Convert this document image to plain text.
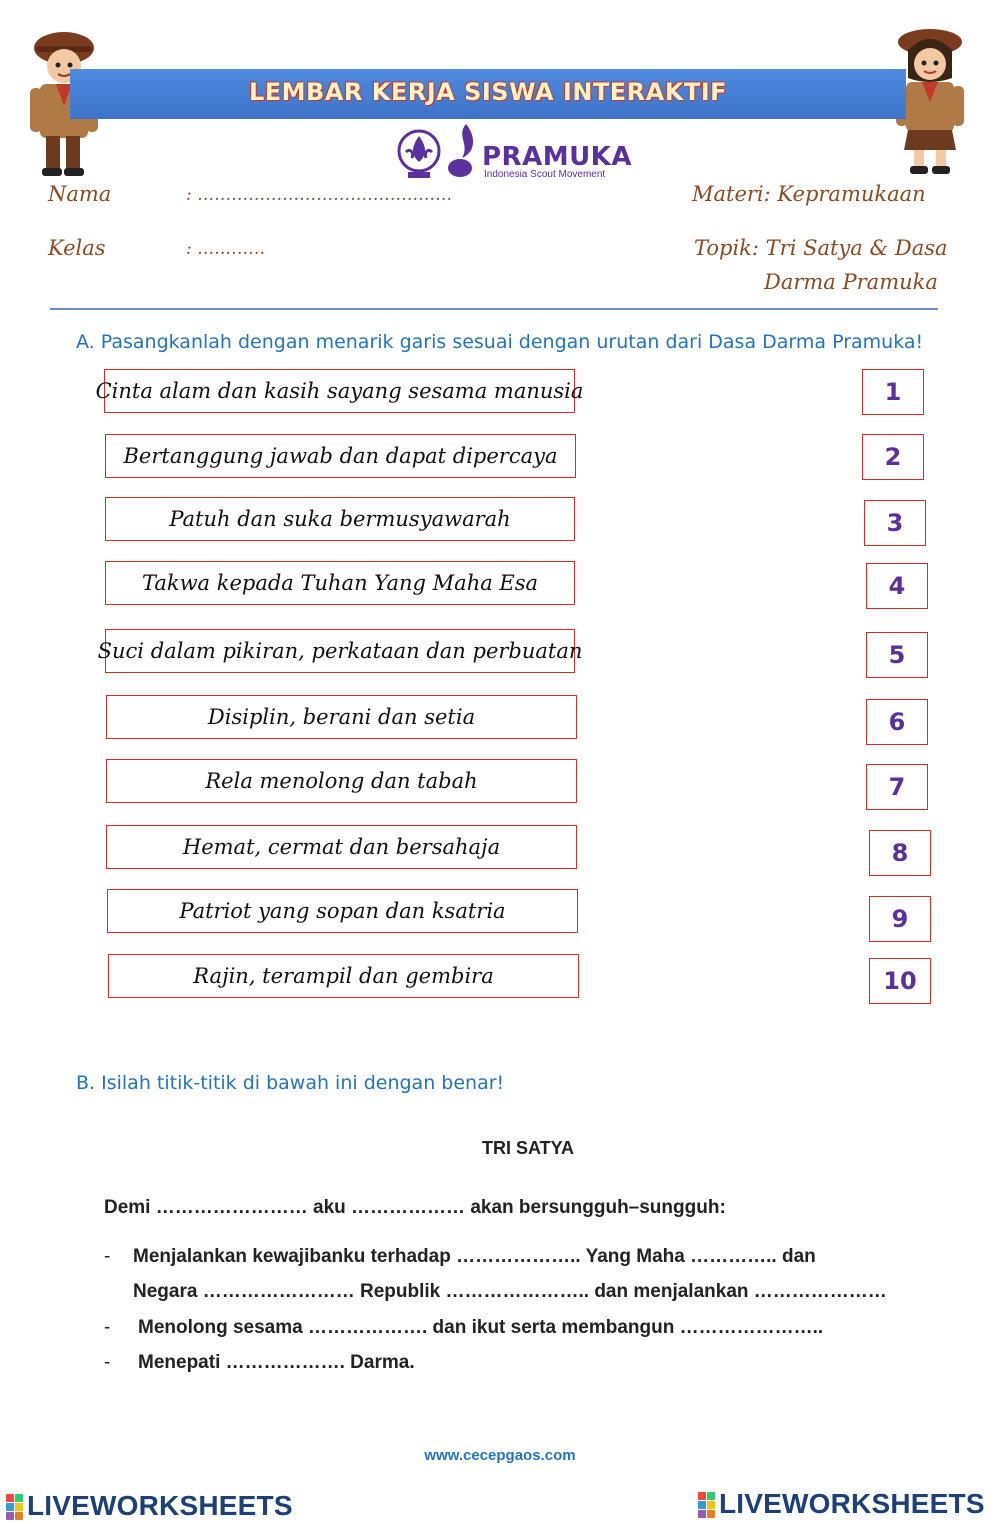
LEMBAR KERJA SISWA INTERAKTIF
PRAMUKA
Indonesia Scout Movement
Nama	: ………………………………………
Kelas	: …………
Materi: Kepramukaan
Topik: Tri Satya & Dasa
Darma Pramuka
A. Pasangkanlah dengan menarik garis sesuai dengan urutan dari Dasa Darma Pramuka!
Cinta alam dan kasih sayang sesama manusia
Bertanggung jawab dan dapat dipercaya
Patuh dan suka bermusyawarah
Takwa kepada Tuhan Yang Maha Esa
Suci dalam pikiran, perkataan dan perbuatan
Disiplin, berani dan setia
Rela menolong dan tabah
Hemat, cermat dan bersahaja
Patriot yang sopan dan ksatria
Rajin, terampil dan gembira
1
2
3
4
5
6
7
8
9
10
B. Isilah titik-titik di bawah ini dengan benar!
TRI SATYA
Demi …………………… aku ……………… akan bersungguh–sungguh:
- Menjalankan kewajibanku terhadap ……………….. Yang Maha ………….. dan
Negara …………………… Republik ………………….. dan menjalankan …………………
- Menolong sesama ………………. dan ikut serta membangun …………………..
- Menepati ………………. Darma.
www.cecepgaos.com
LIVEWORKSHEETS	LIVEWORKSHEETS
